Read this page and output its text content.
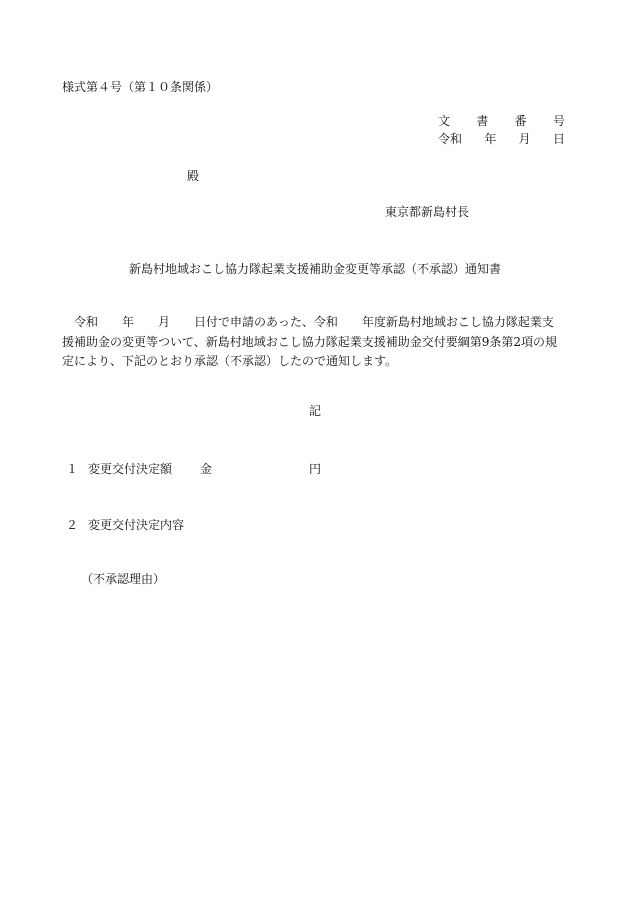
様式第４号（第１０条関係）
文 書 番 号
令和 年 月 日
殿
東京都新島村長
新島村地域おこし協力隊起業支援補助金変更等承認（不承認）通知書
　令和　　年　　月　　日付で申請のあった、令和　　年度新島村地域おこし協力隊起業支
援補助金の変更等ついて、新島村地域おこし協力隊起業支援補助金交付要綱第9条第2項の規
定により、下記のとおり承認（不承認）したので通知します。
記
１ 変更交付決定額 金	円
２ 変更交付決定内容
（不承認理由）
